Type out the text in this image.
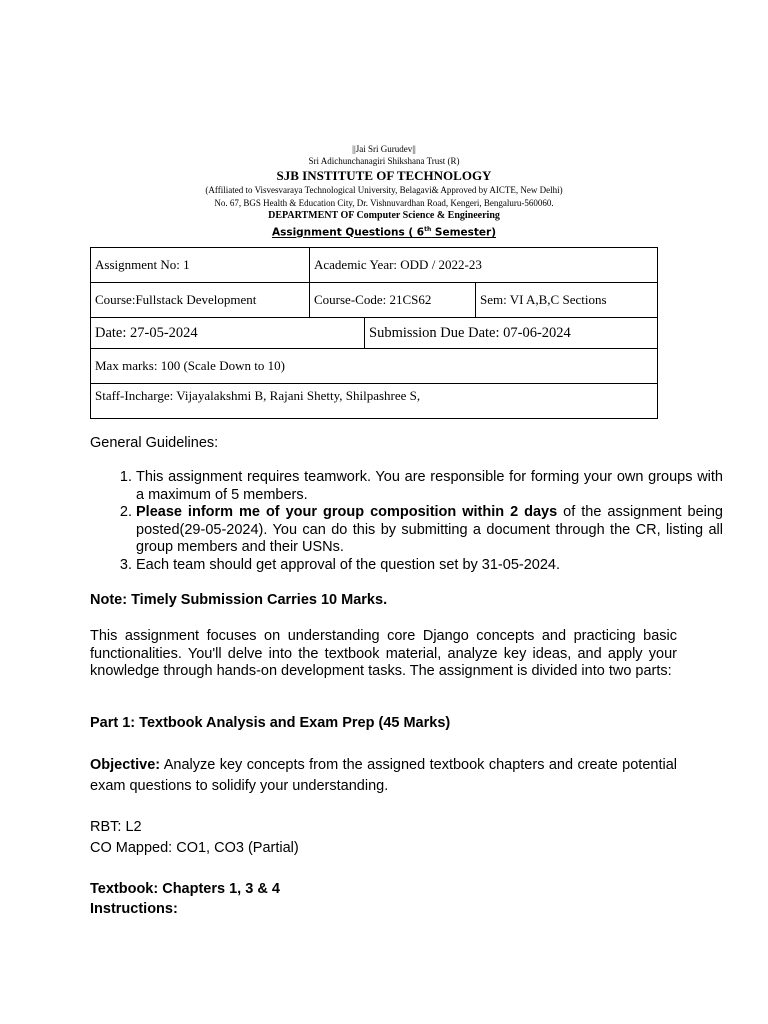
||Jai Sri Gurudev||
Sri Adichunchanagiri Shikshana Trust (R)
SJB INSTITUTE OF TECHNOLOGY
(Affiliated to Visvesvaraya Technological University, Belagavi& Approved by AICTE, New Delhi)
No. 67, BGS Health & Education City, Dr. Vishnuvardhan Road, Kengeri, Bengaluru-560060.
DEPARTMENT OF Computer Science & Engineering
Assignment Questions ( 6th Semester)
Assignment No: 1	Academic Year: ODD / 2022-23		
Course:Fullstack Development	Course-Code: 21CS62		Sem: VI A,B,C Sections
Date: 27-05-2024		Submission Due Date: 07-06-2024	
Max marks: 100 (Scale Down to 10)			
Staff-Incharge: Vijayalakshmi B, Rajani Shetty, Shilpashree S,			
General Guidelines:
1. This assignment requires teamwork. You are responsible for forming your own groups with a maximum of 5 members.
2. Please inform me of your group composition within 2 days of the assignment being posted(29-05-2024). You can do this by submitting a document through the CR, listing all group members and their USNs.
3. Each team should get approval of the question set by 31-05-2024.
Note: Timely Submission Carries 10 Marks.
This assignment focuses on understanding core Django concepts and practicing basic functionalities. You'll delve into the textbook material, analyze key ideas, and apply your knowledge through hands-on development tasks. The assignment is divided into two parts:
Part 1: Textbook Analysis and Exam Prep (45 Marks)
Objective: Analyze key concepts from the assigned textbook chapters and create potential exam questions to solidify your understanding.
RBT: L2
CO Mapped: CO1, CO3 (Partial)
Textbook: Chapters 1, 3 & 4
Instructions:
